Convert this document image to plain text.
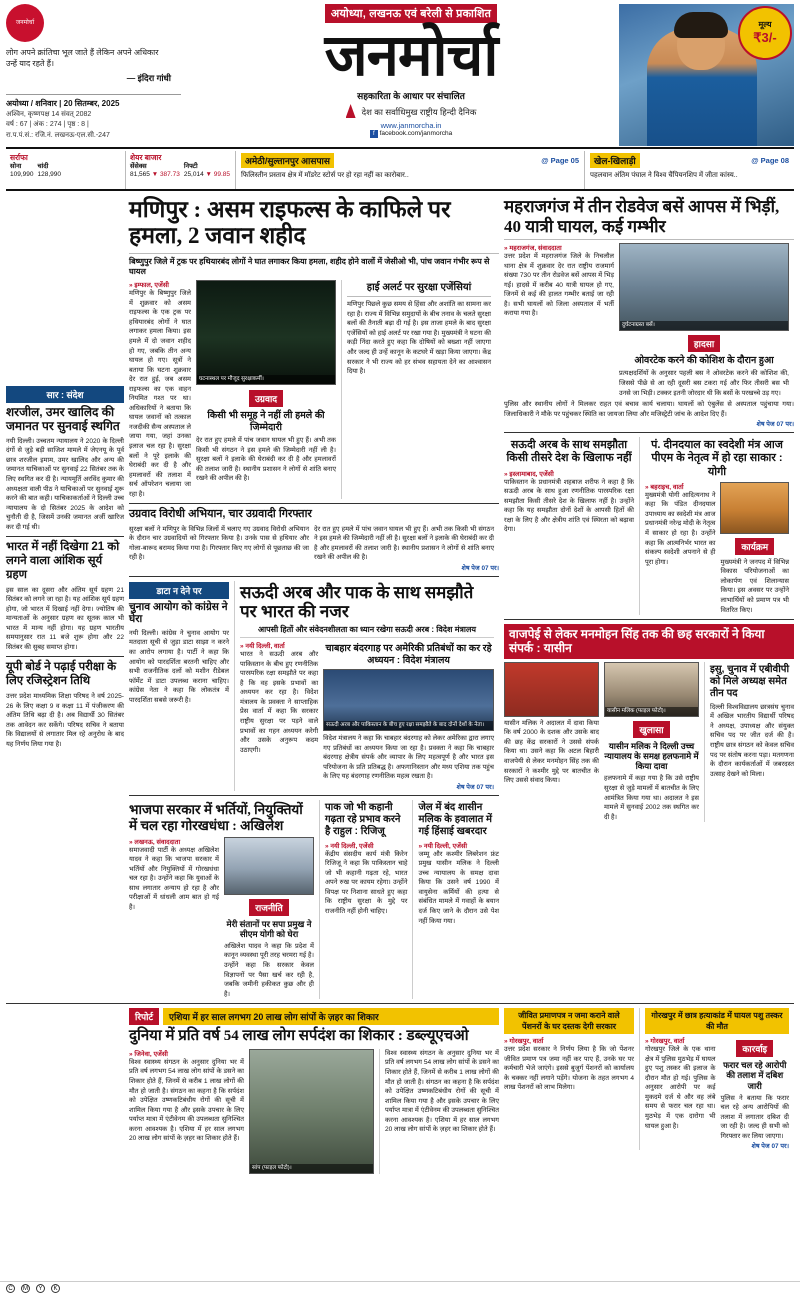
जनमोर्चा
लोग अपने क्रांतिचा भूल जाते हैं लेकिन अपने अधिकार उन्हें याद रहते हैं।
— इंदिरा गांधी
अयोध्या / शनिवार | 20 सितम्बर, 2025
अश्विन, कृष्णपक्ष 14 संवत् 2082
वर्ष : 67 | अंक : 274 | पृष्ठ : 8 |
रा.प.पं.सं.: रजि.नं. लखनऊ-एल.सी.-247
अयोध्या, लखनऊ एवं बरेली से प्रकाशित
जनमोर्चा
सहकारिता के आधार पर संचालित
देश का सर्वाधिमुख राष्ट्रीय हिन्दी दैनिक
www.janmorcha.in
f facebook.com/janmorcha
मूल्य
₹3/-
सर्राफा
सोना
109,990
चांदी
128,990
शेयर बाजार
सेंसेक्स
81,565 ▼ 387.73
निफ्टी
25,014 ▼ 99.85
अमेठी/सुल्तानपुर आसपास	@ Page 05
फिलिस्तीन प्रस्ताव क्षेत्र में मॉडरेट स्टोर्स पर हो रहा नहीं का कारोबार..
खेल-खिलाड़ी	@ Page 08
पहलवान अंतिम पंघाल ने विश्व चैंपियनशिप में जीता कांस्य..
सार : संदेश
शरजील, उमर खालिद की जमानत पर सुनवाई स्थगित
नयी दिल्ली। उच्चतम न्यायालय ने 2020 के दिल्ली दंगों से जुड़े बड़ी साजिश मामले में जेएनयू के पूर्व छात्र शरजील इमाम, उमर खालिद और अन्य की जमानत याचिकाओं पर सुनवाई 22 सितंबर तक के लिए स्थगित कर दी है। न्यायमूर्ति अरविंद कुमार की अध्यक्षता वाली पीठ ने याचिकाओं पर सुनवाई शुरू करने की बात कही। याचिकाकर्ताओं ने दिल्ली उच्च न्यायालय के दो सितंबर 2025 के आदेश को चुनौती दी है, जिसमें उनकी जमानत अर्जी खारिज कर दी गई थी।
भारत में नहीं दिखेगा 21 को लगने वाला आंशिक सूर्य ग्रहण
इस साल का दूसरा और अंतिम सूर्य ग्रहण 21 सितंबर को लगने जा रहा है। यह आंशिक सूर्य ग्रहण होगा, जो भारत में दिखाई नहीं देगा। ज्योतिष की मान्यताओं के अनुसार ग्रहण का सूतक काल भी भारत में मान्य नहीं होगा। यह ग्रहण भारतीय समयानुसार रात 11 बजे शुरू होगा और 22 सितंबर की सुबह समाप्त होगा।
यूपी बोर्ड ने पढ़ाई परीक्षा के लिए रजिस्ट्रेशन तिथि
उत्तर प्रदेश माध्यमिक शिक्षा परिषद ने वर्ष 2025-26 के लिए कक्षा 9 व कक्षा 11 में पंजीकरण की अंतिम तिथि बढ़ा दी है। अब विद्यार्थी 30 सितंबर तक आवेदन कर सकेंगे। परिषद सचिव ने बताया कि विद्यालयों से लगातार मिल रहे अनुरोध के बाद यह निर्णय लिया गया है।
मणिपुर : असम राइफल्स के काफिले पर हमला, 2 जवान शहीद
बिष्णुपुर जिले में ट्रक पर हथियारबंद लोगों ने घात लगाकर किया हमला, शहीद होने वालों में जेसीओ भी, पांच जवान गंभीर रूप से घायल
» इम्फाल, एजेंसी
मणिपुर के बिष्णुपुर जिले में शुक्रवार को असम राइफल्स के एक ट्रक पर हथियारबंद लोगों ने घात लगाकर हमला किया। इस हमले में दो जवान शहीद हो गए, जबकि तीन अन्य घायल हो गए। सूत्रों ने बताया कि घटना शुक्रवार देर रात हुई, जब असम राइफल्स का एक वाहन नियमित गश्त पर था। अधिकारियों ने बताया कि घायल जवानों को तत्काल नजदीकी सैन्य अस्पताल ले जाया गया, जहां उनका इलाज चल रहा है। सुरक्षा बलों ने पूरे इलाके की घेराबंदी कर दी है और हमलावरों की तलाश में सर्च ऑपरेशन चलाया जा रहा है।
घटनास्थल पर मौजूद सुरक्षाकर्मी।
उग्रवाद
किसी भी समूह ने नहीं ली हमले की जिम्मेदारी
देर रात हुए हमले में पांच जवान घायल भी हुए हैं। अभी तक किसी भी संगठन ने इस हमले की जिम्मेदारी नहीं ली है। सुरक्षा बलों ने इलाके की घेराबंदी कर दी है और हमलावरों की तलाश जारी है। स्थानीय प्रशासन ने लोगों से शांति बनाए रखने की अपील की है।
हाई अलर्ट पर सुरक्षा एजेंसियां
मणिपुर पिछले कुछ समय से हिंसा और अशांति का सामना कर रहा है। राज्य में विभिन्न समुदायों के बीच तनाव के चलते सुरक्षा बलों की तैनाती बढ़ा दी गई है। इस ताजा हमले के बाद सुरक्षा एजेंसियों को हाई अलर्ट पर रखा गया है। मुख्यमंत्री ने घटना की कड़ी निंदा करते हुए कहा कि दोषियों को बख्शा नहीं जाएगा और जल्द ही उन्हें कानून के कटघरे में खड़ा किया जाएगा। केंद्र सरकार ने भी राज्य को हर संभव सहायता देने का आश्वासन दिया है।
उग्रवाद विरोधी अभियान, चार उग्रवादी गिरफ्तार
सुरक्षा बलों ने मणिपुर के विभिन्न जिलों में चलाए गए उग्रवाद विरोधी अभियान के दौरान चार उग्रवादियों को गिरफ्तार किया है। उनके पास से हथियार और गोला-बारूद बरामद किया गया है। गिरफ्तार किए गए लोगों से पूछताछ की जा रही है।
देर रात हुए हमले में पांच जवान घायल भी हुए हैं। अभी तक किसी भी संगठन ने इस हमले की जिम्मेदारी नहीं ली है। सुरक्षा बलों ने इलाके की घेराबंदी कर दी है और हमलावरों की तलाश जारी है। स्थानीय प्रशासन ने लोगों से शांति बनाए रखने की अपील की है।
शेष पेज 07 पर।
डाटा न देने पर
चुनाव आयोग को कांग्रेस ने घेरा
नयी दिल्ली। कांग्रेस ने चुनाव आयोग पर मतदाता सूची से जुड़ा डाटा साझा न करने का आरोप लगाया है। पार्टी ने कहा कि आयोग को पारदर्शिता बरतनी चाहिए और सभी राजनीतिक दलों को मशीन रीडेबल फॉर्मेट में डाटा उपलब्ध कराना चाहिए। कांग्रेस नेता ने कहा कि लोकतंत्र में पारदर्शिता सबसे जरूरी है।
सऊदी अरब और पाक के साथ समझौते पर भारत की नजर
आपसी हितों और संवेदनशीलता का ध्यान रखेगा सऊदी अरब : विदेश मंत्रालय
» नयी दिल्ली, वार्ता
भारत ने सऊदी अरब और पाकिस्तान के बीच हुए रणनीतिक पारस्परिक रक्षा समझौते पर कहा है कि वह इसके प्रभावों का अध्ययन कर रहा है। विदेश मंत्रालय के प्रवक्ता ने साप्ताहिक प्रेस वार्ता में कहा कि सरकार राष्ट्रीय सुरक्षा पर पड़ने वाले प्रभावों का गहन अध्ययन करेगी और उसके अनुरूप कदम उठाएगी।
चाबहार बंदरगाह पर अमेरिकी प्रतिबंधों का कर रहे अध्ययन : विदेश मंत्रालय
सऊदी अरब और पाकिस्तान के बीच हुए रक्षा समझौते के बाद दोनों देशों के नेता।
विदेश मंत्रालय ने कहा कि चाबहार बंदरगाह को लेकर अमेरिका द्वारा लगाए गए प्रतिबंधों का अध्ययन किया जा रहा है। प्रवक्ता ने कहा कि चाबहार बंदरगाह क्षेत्रीय संपर्क और व्यापार के लिए महत्वपूर्ण है और भारत इस परियोजना के प्रति प्रतिबद्ध है। अफगानिस्तान और मध्य एशिया तक पहुंच के लिए यह बंदरगाह रणनीतिक महत्व रखता है।
शेष पेज 07 पर।
भाजपा सरकार में भर्तियों, नियुक्तियों में चल रहा गोरखधंधा : अखिलेश
» लखनऊ, संवाददाता
समाजवादी पार्टी के अध्यक्ष अखिलेश यादव ने कहा कि भाजपा सरकार में भर्तियों और नियुक्तियों में गोरखधंधा चल रहा है। उन्होंने कहा कि युवाओं के साथ लगातार अन्याय हो रहा है और परीक्षाओं में धांधली आम बात हो गई है।	राजनीति
मेरी संतानों पर सपा प्रमुख ने सीएम योगी को घेरा
अखिलेश यादव ने कहा कि प्रदेश में कानून व्यवस्था पूरी तरह चरमरा गई है। उन्होंने कहा कि सरकार केवल विज्ञापनों पर पैसा खर्च कर रही है, जबकि जमीनी हकीकत कुछ और ही है।
पाक जो भी कहानी गढ़ता रहे प्रभाव करने है राहुल : रिजिजू
» नयी दिल्ली, एजेंसी
केंद्रीय संसदीय कार्य मंत्री किरेन रिजिजू ने कहा कि पाकिस्तान चाहे जो भी कहानी गढ़ता रहे, भारत अपने रुख पर कायम रहेगा। उन्होंने विपक्ष पर निशाना साधते हुए कहा कि राष्ट्रीय सुरक्षा के मुद्दे पर राजनीति नहीं होनी चाहिए।
जेल में बंद शासीन मलिक के हवालात में गई हिंसाई खबरदार
» नयी दिल्ली, एजेंसी
जम्मू और कश्मीर लिबरेशन फ्रंट प्रमुख यासीन मलिक ने दिल्ली उच्च न्यायालय के समक्ष दावा किया कि उसने वर्ष 1990 में वायुसेना कर्मियों की हत्या से संबंधित मामले में गवाहों के बयान दर्ज किए जाने के दौरान उसे पेश नहीं किया गया।
महराजगंज में तीन रोडवेज बसें आपस में भिड़ीं, 40 यात्री घायल, कई गम्भीर
» महराजगंज, संवाददाता
उत्तर प्रदेश में महराजगंज जिले के निचलौल थाना क्षेत्र में शुक्रवार देर रात राष्ट्रीय राजमार्ग संख्या 730 पर तीन रोडवेज बसें आपस में भिड़ गईं। हादसे में करीब 40 यात्री घायल हो गए, जिनमें से कई की हालत गम्भीर बताई जा रही है। सभी घायलों को जिला अस्पताल में भर्ती कराया गया है।
दुर्घटनाग्रस्त बसें।
हादसा
ओवरटेक करने की कोशिश के दौरान हुआ
प्रत्यक्षदर्शियों के अनुसार पहली बस ने ओवरटेक करने की कोशिश की, जिससे पीछे से आ रही दूसरी बस टकरा गई और फिर तीसरी बस भी उनसे जा भिड़ी। टक्कर इतनी जोरदार थी कि बसों के परखच्चे उड़ गए।
पुलिस और स्थानीय लोगों ने मिलकर राहत एवं बचाव कार्य चलाया। घायलों को एंबुलेंस से अस्पताल पहुंचाया गया। जिलाधिकारी ने मौके पर पहुंचकर स्थिति का जायजा लिया और मजिस्ट्रेटी जांच के आदेश दिए हैं।
शेष पेज 07 पर।
सऊदी अरब के साथ समझौता किसी तीसरे देश के खिलाफ नहीं
» इस्लामाबाद, एजेंसी
पाकिस्तान के प्रधानमंत्री शहबाज शरीफ ने कहा है कि सऊदी अरब के साथ हुआ रणनीतिक पारस्परिक रक्षा समझौता किसी तीसरे देश के खिलाफ नहीं है। उन्होंने कहा कि यह समझौता दोनों देशों के आपसी हितों की रक्षा के लिए है और क्षेत्रीय शांति एवं स्थिरता को बढ़ावा देगा।
पं. दीनदयाल का स्वदेशी मंत्र आज पीएम के नेतृत्व में हो रहा साकार : योगी
» बहराइच, वार्ता
मुख्यमंत्री योगी आदित्यनाथ ने कहा कि पंडित दीनदयाल उपाध्याय का स्वदेशी मंत्र आज प्रधानमंत्री नरेन्द्र मोदी के नेतृत्व में साकार हो रहा है। उन्होंने कहा कि आत्मनिर्भर भारत का संकल्प स्वदेशी अपनाने से ही पूरा होगा।
कार्यक्रम
मुख्यमंत्री ने जनपद में विभिन्न विकास परियोजनाओं का लोकार्पण एवं शिलान्यास किया। इस अवसर पर उन्होंने लाभार्थियों को प्रमाण पत्र भी वितरित किए।
वाजपेई से लेकर मनमोहन सिंह तक की छह सरकारों ने किया संपर्क : यासीन
यासीन मलिक ने अदालत में दावा किया कि वर्ष 2000 के दशक और उसके बाद की छह केंद्र सरकारों ने उससे संपर्क किया था। उसने कहा कि अटल बिहारी वाजपेयी से लेकर मनमोहन सिंह तक की सरकारों ने कश्मीर मुद्दे पर बातचीत के लिए उससे संवाद किया।
यासीन मलिक (फाइल फोटो)।
खुलासा
यासीन मलिक ने दिल्ली उच्च न्यायालय के समक्ष हलफनामे में किया दावा
हलफनामे में कहा गया है कि उसे राष्ट्रीय सुरक्षा से जुड़े मामलों में बातचीत के लिए आमंत्रित किया गया था। अदालत ने इस मामले में सुनवाई 2002 तक स्थगित कर दी है।
इसु, चुनाव में एबीवीपी को मिले अध्यक्ष समेत तीन पद
दिल्ली विश्वविद्यालय छात्रसंघ चुनाव में अखिल भारतीय विद्यार्थी परिषद ने अध्यक्ष, उपाध्यक्ष और संयुक्त सचिव पद पर जीत दर्ज की है। राष्ट्रीय छात्र संगठन को केवल सचिव पद पर संतोष करना पड़ा। मतगणना के दौरान कार्यकर्ताओं में जबरदस्त उत्साह देखने को मिला।
रिपोर्ट	एशिया में हर साल लगभग 20 लाख लोग सांपों के ज़हर का शिकार
दुनिया में प्रति वर्ष 54 लाख लोग सर्पदंश का शिकार : डब्ल्यूएचओ
» जिनेवा, एजेंसी
विश्व स्वास्थ्य संगठन के अनुसार दुनिया भर में प्रति वर्ष लगभग 54 लाख लोग सांपों के डसने का शिकार होते हैं, जिनमें से करीब 1 लाख लोगों की मौत हो जाती है। संगठन का कहना है कि सर्पदंश को उपेक्षित उष्णकटिबंधीय रोगों की सूची में शामिल किया गया है और इसके उपचार के लिए पर्याप्त मात्रा में एंटीवेनम की उपलब्धता सुनिश्चित करना आवश्यक है। एशिया में हर साल लगभग 20 लाख लोग सांपों के ज़हर का शिकार होते हैं।
सांप (फाइल फोटो)।
विश्व स्वास्थ्य संगठन के अनुसार दुनिया भर में प्रति वर्ष लगभग 54 लाख लोग सांपों के डसने का शिकार होते हैं, जिनमें से करीब 1 लाख लोगों की मौत हो जाती है। संगठन का कहना है कि सर्पदंश को उपेक्षित उष्णकटिबंधीय रोगों की सूची में शामिल किया गया है और इसके उपचार के लिए पर्याप्त मात्रा में एंटीवेनम की उपलब्धता सुनिश्चित करना आवश्यक है। एशिया में हर साल लगभग 20 लाख लोग सांपों के ज़हर का शिकार होते हैं।
जीवित प्रमाणपत्र न जमा कराने वाले पेंशनरों के घर दस्तक देगी सरकार
» गोरखपुर, वार्ता
उत्तर प्रदेश सरकार ने निर्णय लिया है कि जो पेंशनर जीवित प्रमाण पत्र जमा नहीं कर पाए हैं, उनके घर पर कर्मचारी भेजे जाएंगे। इससे बुजुर्ग पेंशनरों को कार्यालय के चक्कर नहीं लगाने पड़ेंगे। योजना के तहत लगभग 4 लाख पेंशनरों को लाभ मिलेगा।
गोरखपुर में छात्र हत्याकांड में घायल पशु तस्कर की मौत
» गोरखपुर, वार्ता
गोरखपुर जिले के एक थाना क्षेत्र में पुलिस मुठभेड़ में घायल हुए पशु तस्कर की इलाज के दौरान मौत हो गई। पुलिस के अनुसार आरोपी पर कई मुकदमे दर्ज थे और वह लंबे समय से फरार चल रहा था। मुठभेड़ में एक दारोगा भी घायल हुआ है।
कारर्वाइ
फरार चल रहे आरोपी की तलाश में दबिश जारी
पुलिस ने बताया कि फरार चल रहे अन्य आरोपियों की तलाश में लगातार दबिश दी जा रही है। जल्द ही सभी को गिरफ्तार कर लिया जाएगा।
शेष पेज 07 पर।
C	M	Y	K
